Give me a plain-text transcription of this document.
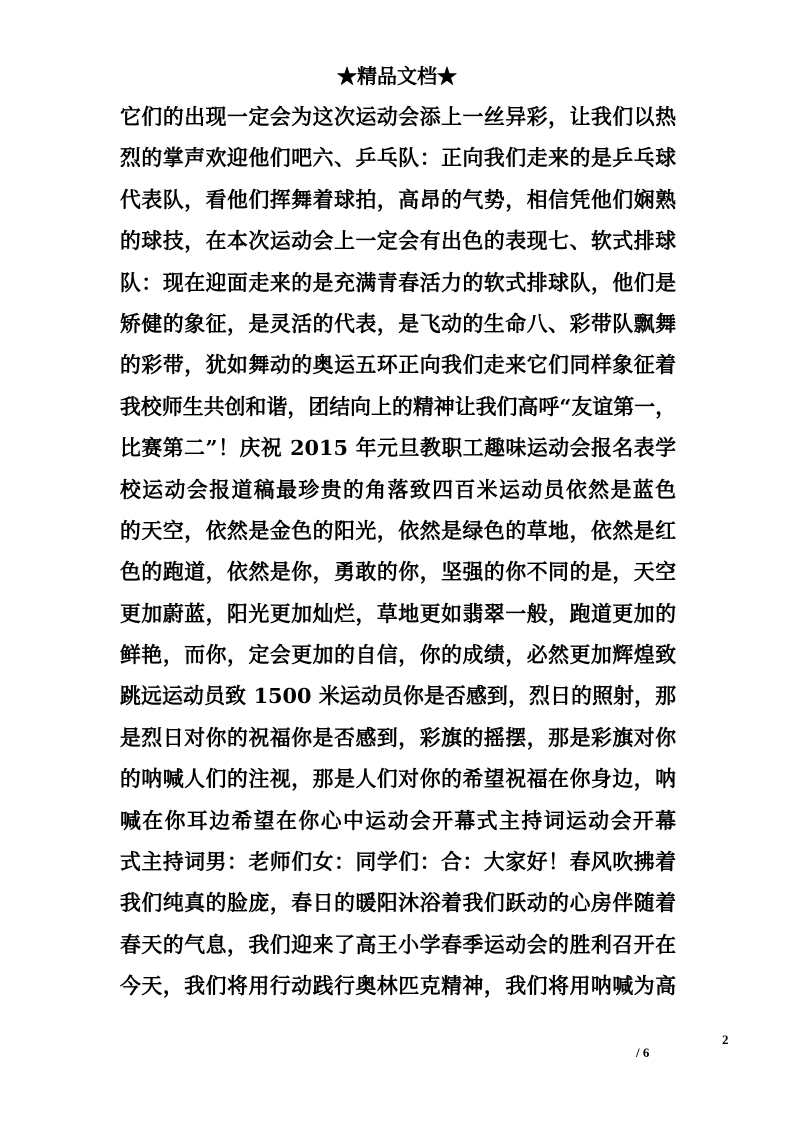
★精品文档★
它们的出现一定会为这次运动会添上一丝异彩，让我们以热
烈的掌声欢迎他们吧六、乒乓队：正向我们走来的是乒乓球
代表队，看他们挥舞着球拍，高昂的气势，相信凭他们娴熟
的球技，在本次运动会上一定会有出色的表现七、软式排球
队：现在迎面走来的是充满青春活力的软式排球队，他们是
矫健的象征，是灵活的代表，是飞动的生命八、彩带队飘舞
的彩带，犹如舞动的奥运五环正向我们走来它们同样象征着
我校师生共创和谐，团结向上的精神让我们高呼“友谊第一，
比赛第二”！庆祝 2015 年元旦教职工趣味运动会报名表学
校运动会报道稿最珍贵的角落致四百米运动员依然是蓝色
的天空，依然是金色的阳光，依然是绿色的草地，依然是红
色的跑道，依然是你，勇敢的你，坚强的你不同的是，天空
更加蔚蓝，阳光更加灿烂，草地更如翡翠一般，跑道更加的
鲜艳，而你，定会更加的自信，你的成绩，必然更加辉煌致
跳远运动员致 1500 米运动员你是否感到，烈日的照射，那
是烈日对你的祝福你是否感到，彩旗的摇摆，那是彩旗对你
的呐喊人们的注视，那是人们对你的希望祝福在你身边，呐
喊在你耳边希望在你心中运动会开幕式主持词运动会开幕
式主持词男：老师们女：同学们：合：大家好！春风吹拂着
我们纯真的脸庞，春日的暖阳沐浴着我们跃动的心房伴随着
春天的气息，我们迎来了高王小学春季运动会的胜利召开在
今天，我们将用行动践行奥林匹克精神，我们将用呐喊为高
2
/ 6
